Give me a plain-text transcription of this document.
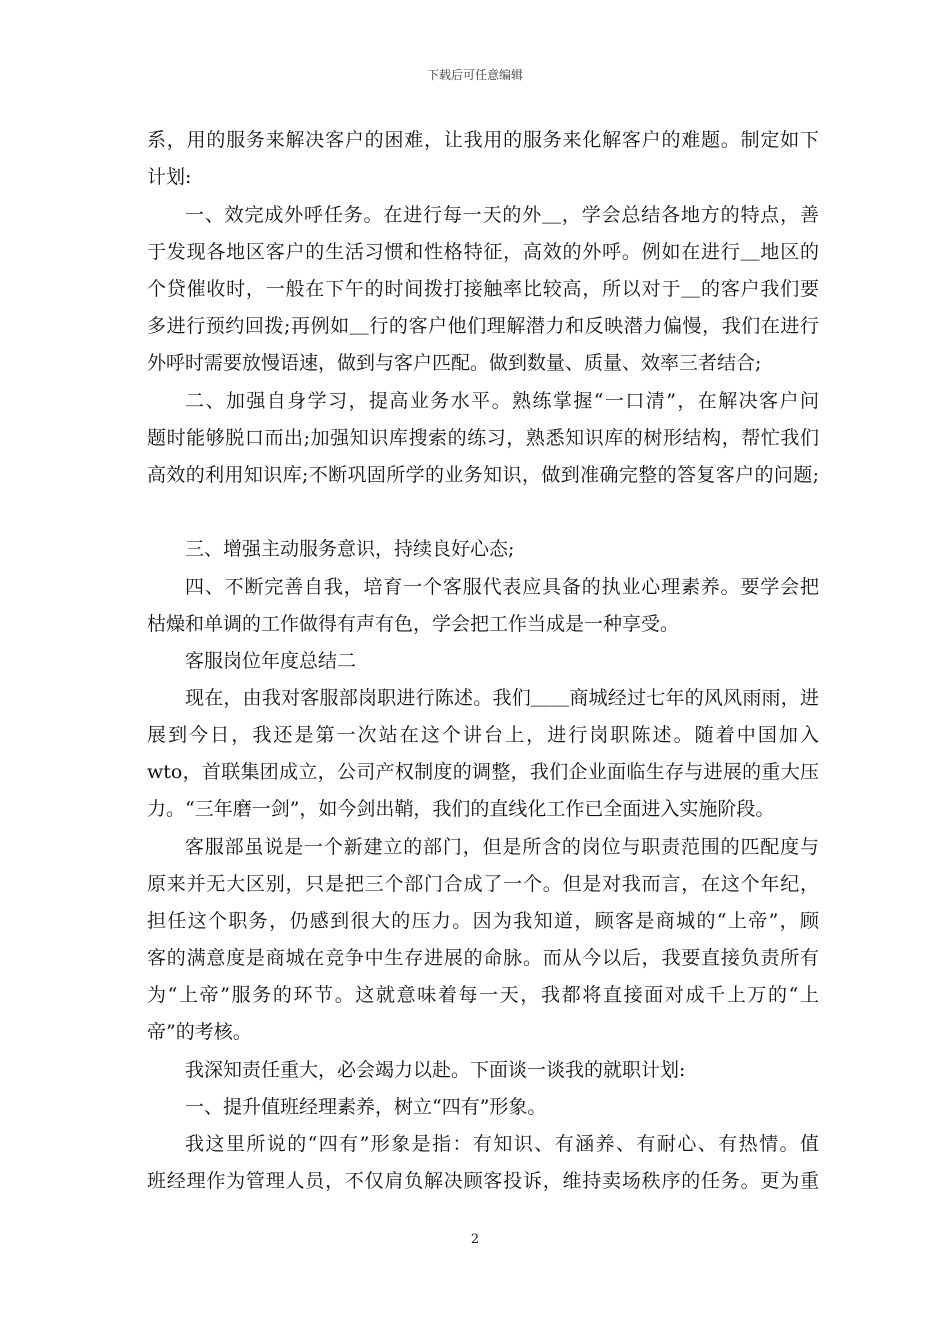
下载后可任意编辑
系，用的服务来解决客户的困难，让我用的服务来化解客户的难题。制定如下
计划:
一、效完成外呼任务。在进行每一天的外＿，学会总结各地方的特点，善
于发现各地区客户的生活习惯和性格特征，高效的外呼。例如在进行＿地区的
个贷催收时，一般在下午的时间拨打接触率比较高，所以对于＿的客户我们要
多进行预约回拨;再例如＿行的客户他们理解潜力和反映潜力偏慢，我们在进行
外呼时需要放慢语速，做到与客户匹配。做到数量、质量、效率三者结合;
二、加强自身学习，提高业务水平。熟练掌握“一口清”，在解决客户问
题时能够脱口而出;加强知识库搜索的练习，熟悉知识库的树形结构，帮忙我们
高效的利用知识库;不断巩固所学的业务知识，做到准确完整的答复客户的问题;
三、增强主动服务意识，持续良好心态;
四、不断完善自我，培育一个客服代表应具备的执业心理素养。要学会把
枯燥和单调的工作做得有声有色，学会把工作当成是一种享受。
客服岗位年度总结二
现在，由我对客服部岗职进行陈述。我们＿＿商城经过七年的风风雨雨，进
展到今日，我还是第一次站在这个讲台上，进行岗职陈述。随着中国加入
wto，首联集团成立，公司产权制度的调整，我们企业面临生存与进展的重大压
力。“三年磨一剑”，如今剑出鞘，我们的直线化工作已全面进入实施阶段。
客服部虽说是一个新建立的部门，但是所含的岗位与职责范围的匹配度与
原来并无大区别，只是把三个部门合成了一个。但是对我而言，在这个年纪，
担任这个职务，仍感到很大的压力。因为我知道，顾客是商城的“上帝”，顾
客的满意度是商城在竞争中生存进展的命脉。而从今以后，我要直接负责所有
为“上帝”服务的环节。这就意味着每一天，我都将直接面对成千上万的“上
帝”的考核。
我深知责任重大，必会竭力以赴。下面谈一谈我的就职计划:
一、提升值班经理素养，树立“四有”形象。
我这里所说的“四有”形象是指：有知识、有涵养、有耐心、有热情。值
班经理作为管理人员，不仅肩负解决顾客投诉，维持卖场秩序的任务。更为重
2
